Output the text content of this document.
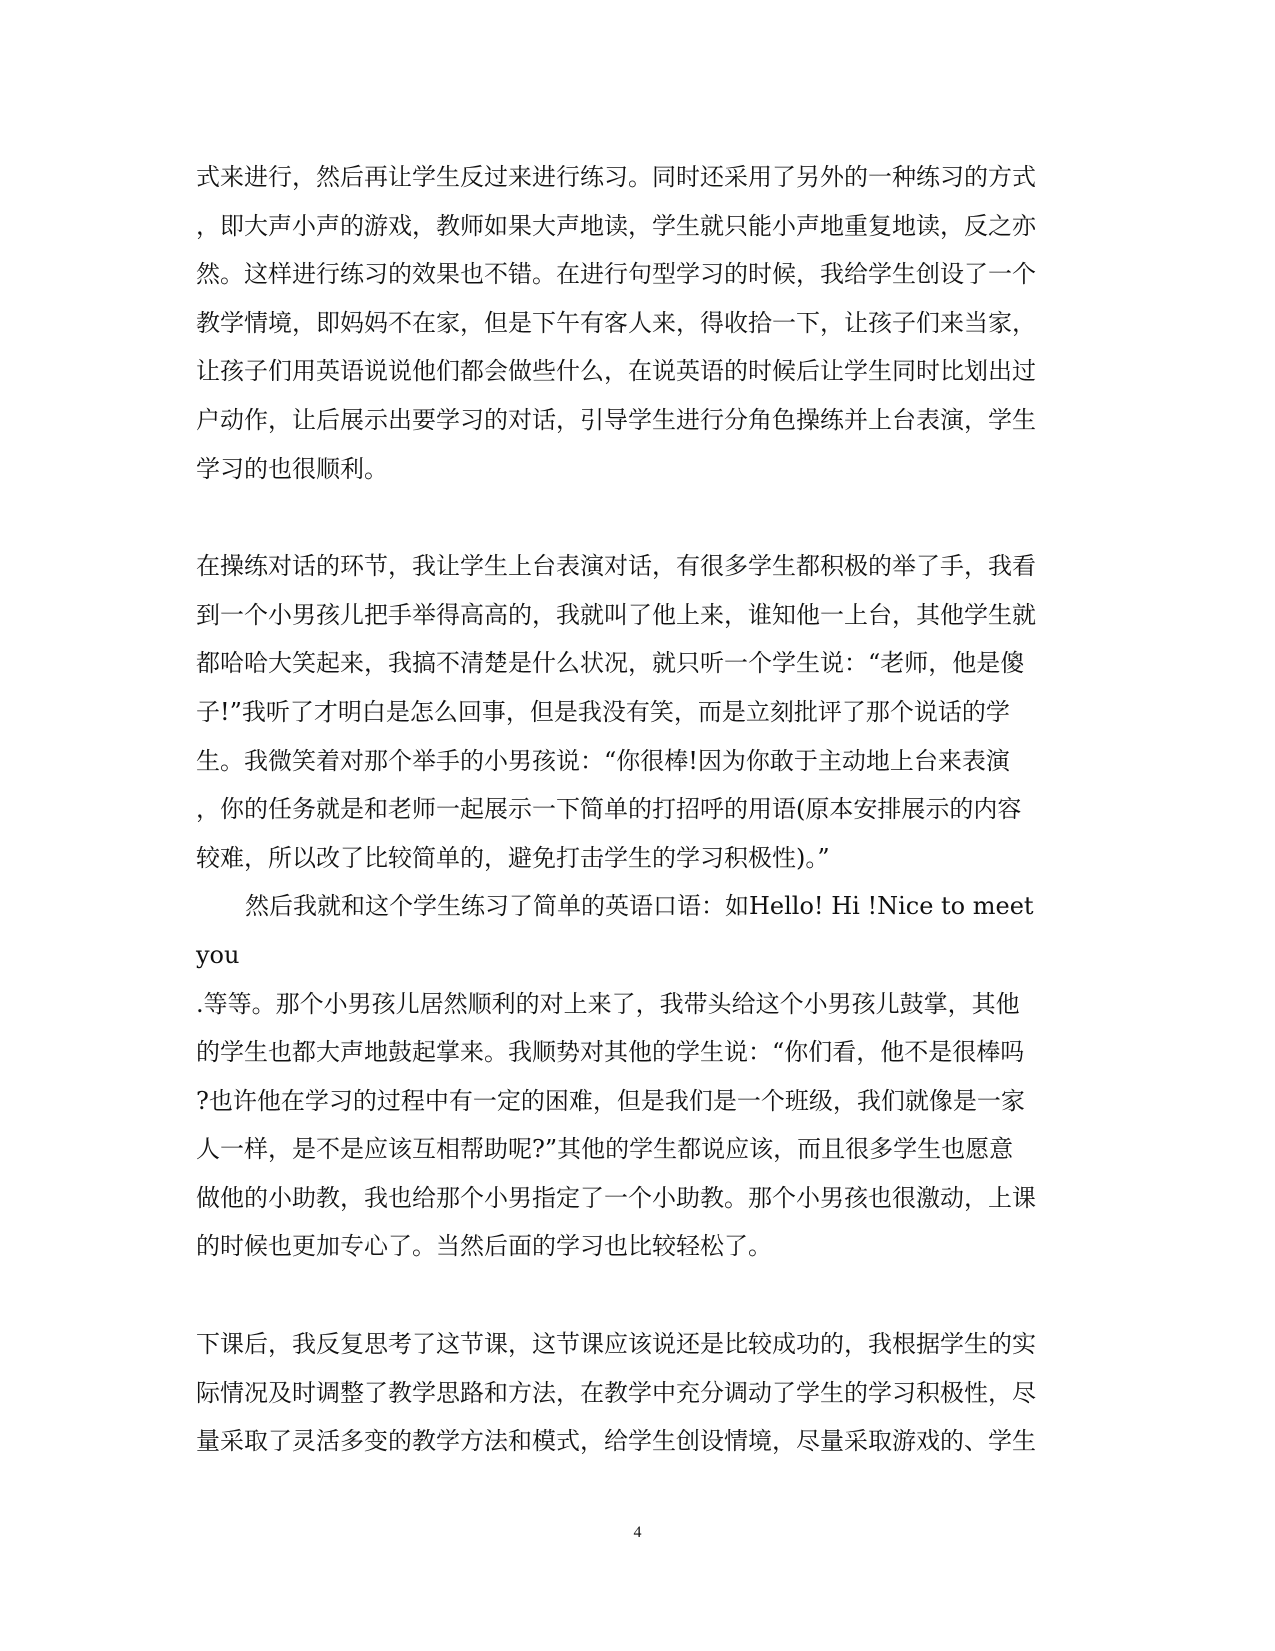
式来进行，然后再让学生反过来进行练习。同时还采用了另外的一种练习的方式
，即大声小声的游戏，教师如果大声地读，学生就只能小声地重复地读，反之亦
然。这样进行练习的效果也不错。在进行句型学习的时候，我给学生创设了一个
教学情境，即妈妈不在家，但是下午有客人来，得收拾一下，让孩子们来当家，
让孩子们用英语说说他们都会做些什么，在说英语的时候后让学生同时比划出过
户动作，让后展示出要学习的对话，引导学生进行分角色操练并上台表演，学生
学习的也很顺利。
在操练对话的环节，我让学生上台表演对话，有很多学生都积极的举了手，我看
到一个小男孩儿把手举得高高的，我就叫了他上来，谁知他一上台，其他学生就
都哈哈大笑起来，我搞不清楚是什么状况，就只听一个学生说：“老师，他是傻
子!”我听了才明白是怎么回事，但是我没有笑，而是立刻批评了那个说话的学
生。我微笑着对那个举手的小男孩说：“你很棒!因为你敢于主动地上台来表演
，你的任务就是和老师一起展示一下简单的打招呼的用语(原本安排展示的内容
较难，所以改了比较简单的，避免打击学生的学习积极性)。”
然后我就和这个学生练习了简单的英语口语：如Hello! Hi !Nice to meet
you
.等等。那个小男孩儿居然顺利的对上来了，我带头给这个小男孩儿鼓掌，其他
的学生也都大声地鼓起掌来。我顺势对其他的学生说：“你们看，他不是很棒吗
?也许他在学习的过程中有一定的困难，但是我们是一个班级，我们就像是一家
人一样，是不是应该互相帮助呢?”其他的学生都说应该，而且很多学生也愿意
做他的小助教，我也给那个小男指定了一个小助教。那个小男孩也很激动，上课
的时候也更加专心了。当然后面的学习也比较轻松了。
下课后，我反复思考了这节课，这节课应该说还是比较成功的，我根据学生的实
际情况及时调整了教学思路和方法，在教学中充分调动了学生的学习积极性，尽
量采取了灵活多变的教学方法和模式，给学生创设情境，尽量采取游戏的、学生
4
